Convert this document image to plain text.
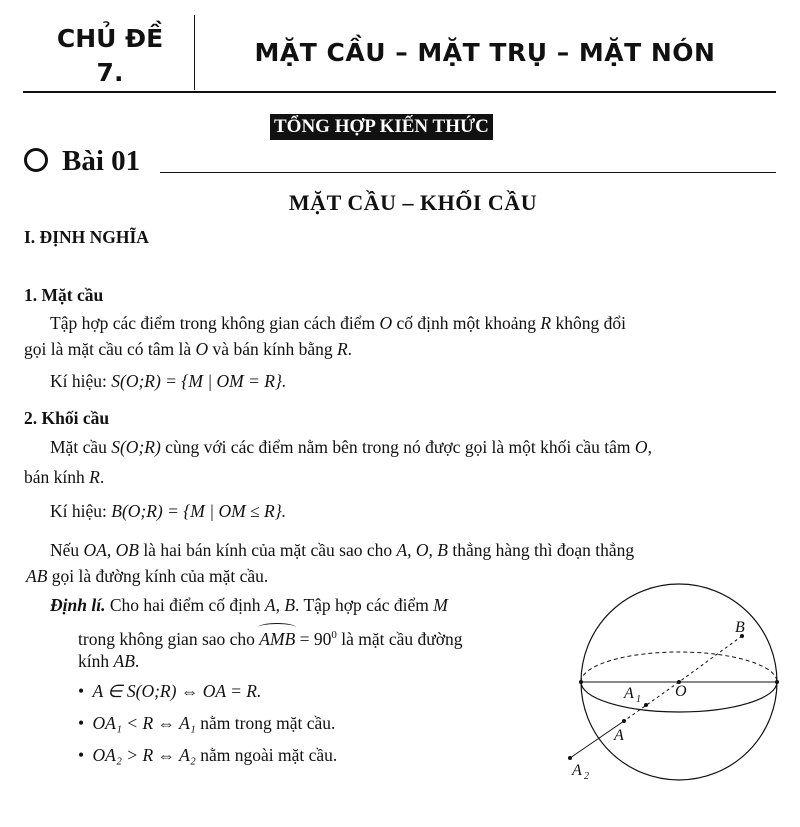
CHỦ ĐỀ
7.
MẶT CẦU – MẶT TRỤ – MẶT NÓN
TỔNG HỢP KIẾN THỨC
Bài 01
MẶT CẦU – KHỐI CẦU
I. ĐỊNH NGHĨA
1. Mặt cầu
Tập hợp các điểm trong không gian cách điểm O cố định một khoảng R không đổi
gọi là mặt cầu có tâm là O và bán kính bằng R.
Kí hiệu: S(O;R) = {M | OM = R}.
2. Khối cầu
Mặt cầu S(O;R) cùng với các điểm nằm bên trong nó được gọi là một khối cầu tâm O,
bán kính R.
Kí hiệu: B(O;R) = {M | OM ≤ R}.
Nếu OA, OB là hai bán kính của mặt cầu sao cho A, O, B thẳng hàng thì đoạn thẳng
AB gọi là đường kính của mặt cầu.
Định lí. Cho hai điểm cố định A, B. Tập hợp các điểm M
trong không gian sao cho AMB = $90^0$ là mặt cầu đường
kính AB.
• A ∈ S(O;R) ⇔ OA = R.
• OA₁ < R ⇔ A₁ nằm trong mặt cầu.
• OA₂ > R ⇔ A₂ nằm ngoài mặt cầu.
B
A 1 O
A
A 2
